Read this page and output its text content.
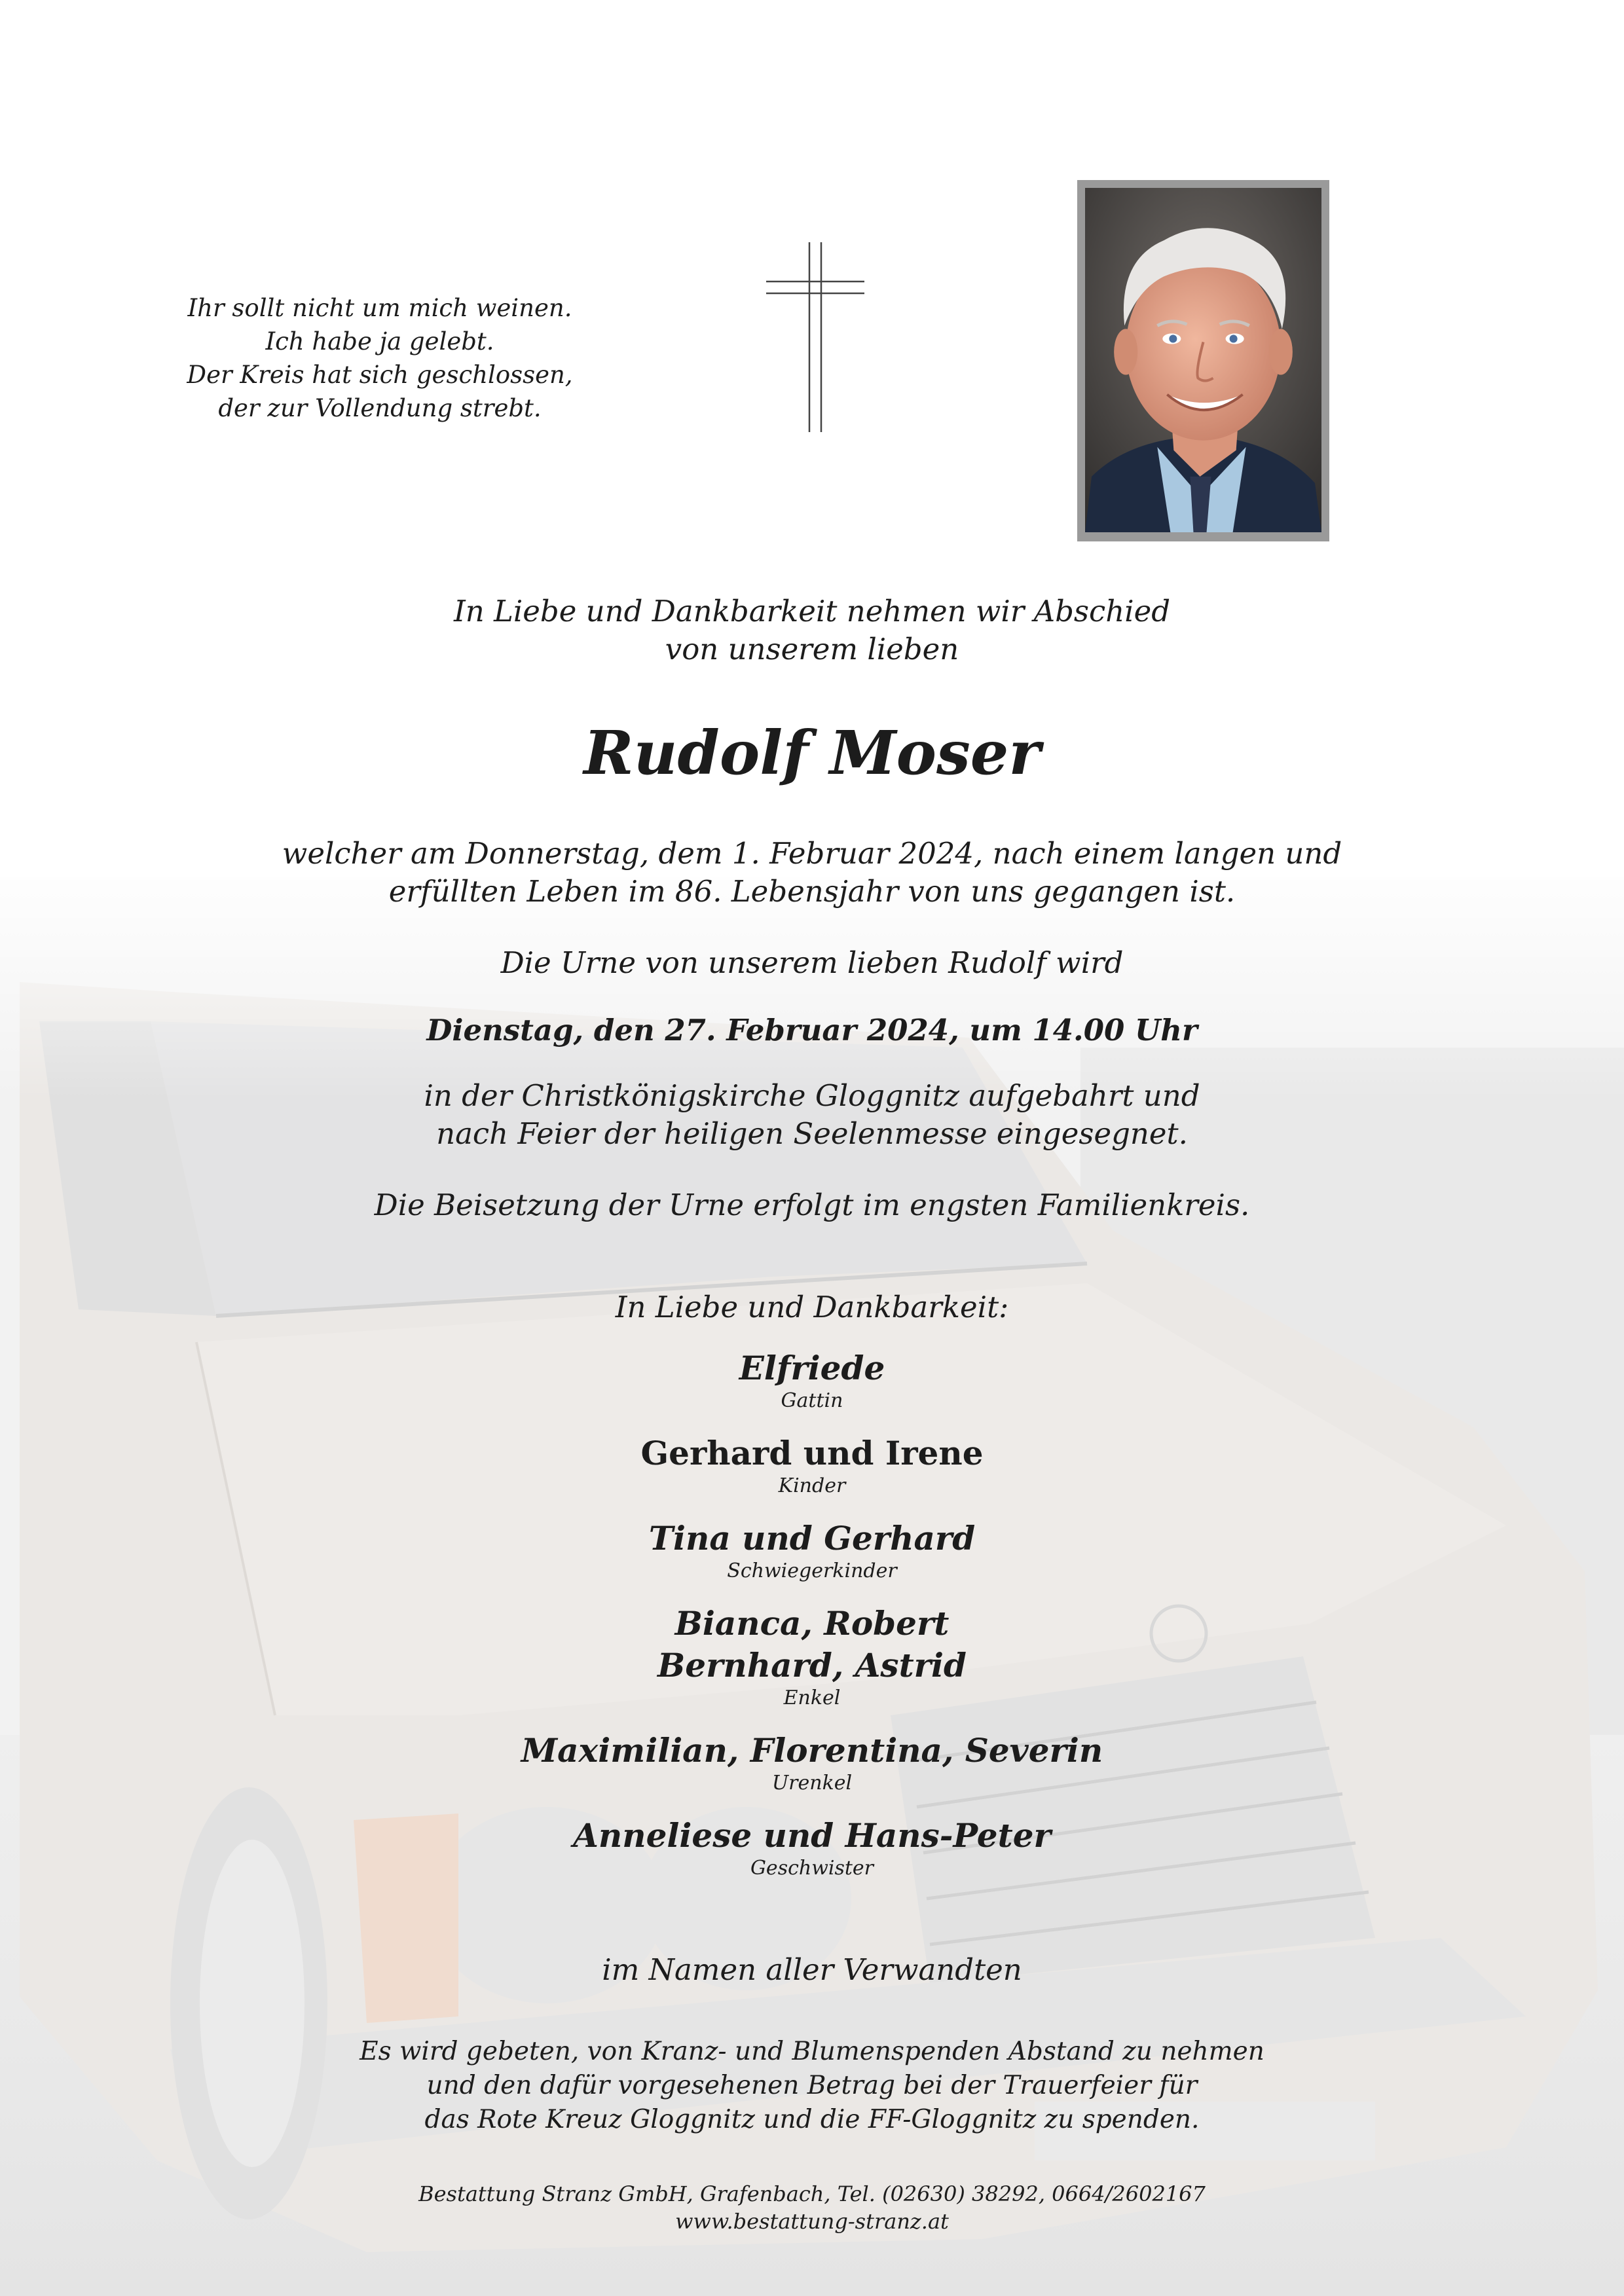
Ihr sollt nicht um mich weinen.
Ich habe ja gelebt.
Der Kreis hat sich geschlossen,
der zur Vollendung strebt.
In Liebe und Dankbarkeit nehmen wir Abschied
von unserem lieben
Rudolf Moser
welcher am Donnerstag, dem 1. Februar 2024, nach einem langen und
erfüllten Leben im 86. Lebensjahr von uns gegangen ist.
Die Urne von unserem lieben Rudolf wird
Dienstag, den 27. Februar 2024, um 14.00 Uhr
in der Christkönigskirche Gloggnitz aufgebahrt und
nach Feier der heiligen Seelenmesse eingesegnet.
Die Beisetzung der Urne erfolgt im engsten Familienkreis.
In Liebe und Dankbarkeit:
Elfriede
Gattin
Gerhard und Irene
Kinder
Tina und Gerhard
Schwiegerkinder
Bianca, Robert
Bernhard, Astrid
Enkel
Maximilian, Florentina, Severin
Urenkel
Anneliese und Hans-Peter
Geschwister
im Namen aller Verwandten
Es wird gebeten, von Kranz- und Blumenspenden Abstand zu nehmen
und den dafür vorgesehenen Betrag bei der Trauerfeier für
das Rote Kreuz Gloggnitz und die FF-Gloggnitz zu spenden.
Bestattung Stranz GmbH, Grafenbach, Tel. (02630) 38292, 0664/2602167
www.bestattung-stranz.at
